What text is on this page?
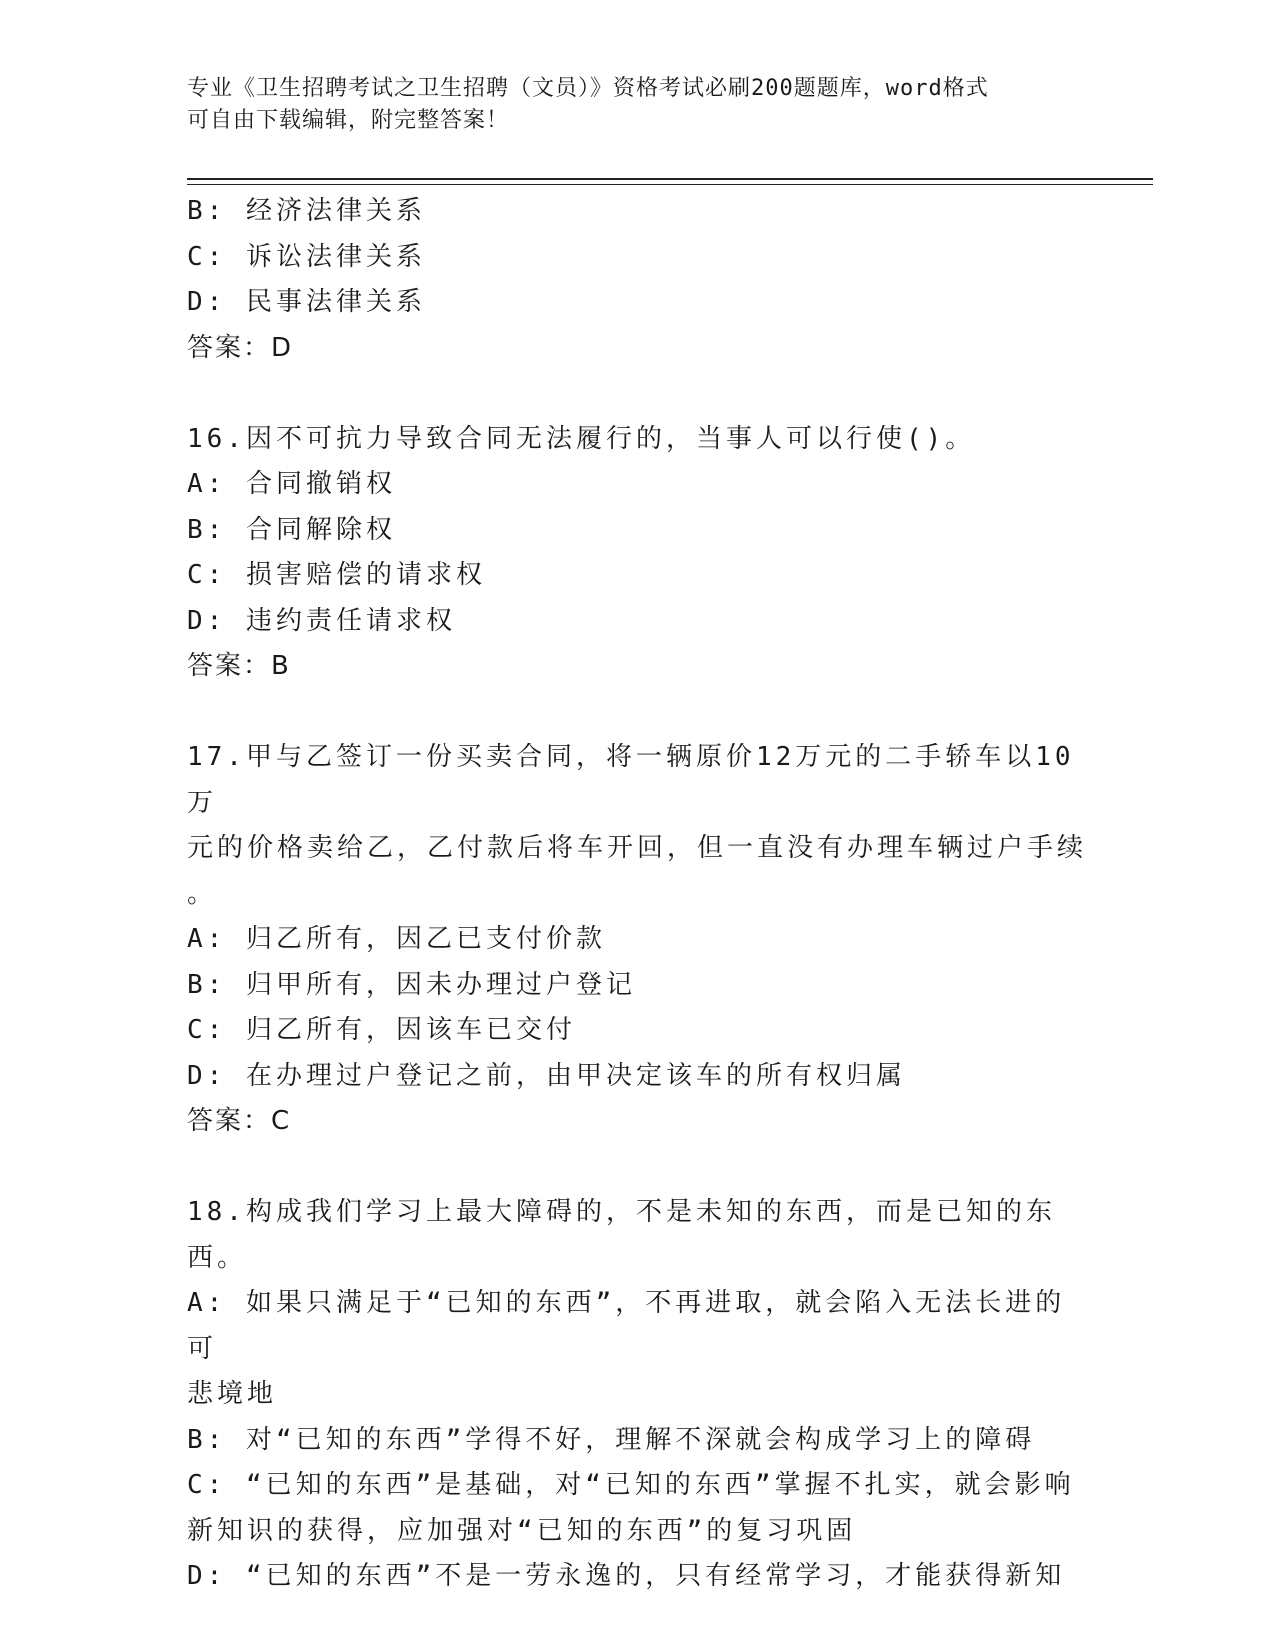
专业《卫生招聘考试之卫生招聘（文员）》资格考试必刷200题题库，word格式
可自由下载编辑，附完整答案！
B: 经济法律关系
C: 诉讼法律关系
D: 民事法律关系
答案：D
16.因不可抗力导致合同无法履行的，当事人可以行使()。
A: 合同撤销权
B: 合同解除权
C: 损害赔偿的请求权
D: 违约责任请求权
答案：B
17.甲与乙签订一份买卖合同，将一辆原价12万元的二手轿车以10万
元的价格卖给乙，乙付款后将车开回，但一直没有办理车辆过户手续
。
A: 归乙所有，因乙已支付价款
B: 归甲所有，因未办理过户登记
C: 归乙所有，因该车已交付
D: 在办理过户登记之前，由甲决定该车的所有权归属
答案：C
18.构成我们学习上最大障碍的，不是未知的东西，而是已知的东西。
A: 如果只满足于“已知的东西”，不再进取，就会陷入无法长进的可
悲境地
B: 对“已知的东西”学得不好，理解不深就会构成学习上的障碍
C: “已知的东西”是基础，对“已知的东西”掌握不扎实，就会影响
新知识的获得，应加强对“已知的东西”的复习巩固
D: “已知的东西”不是一劳永逸的，只有经常学习，才能获得新知
